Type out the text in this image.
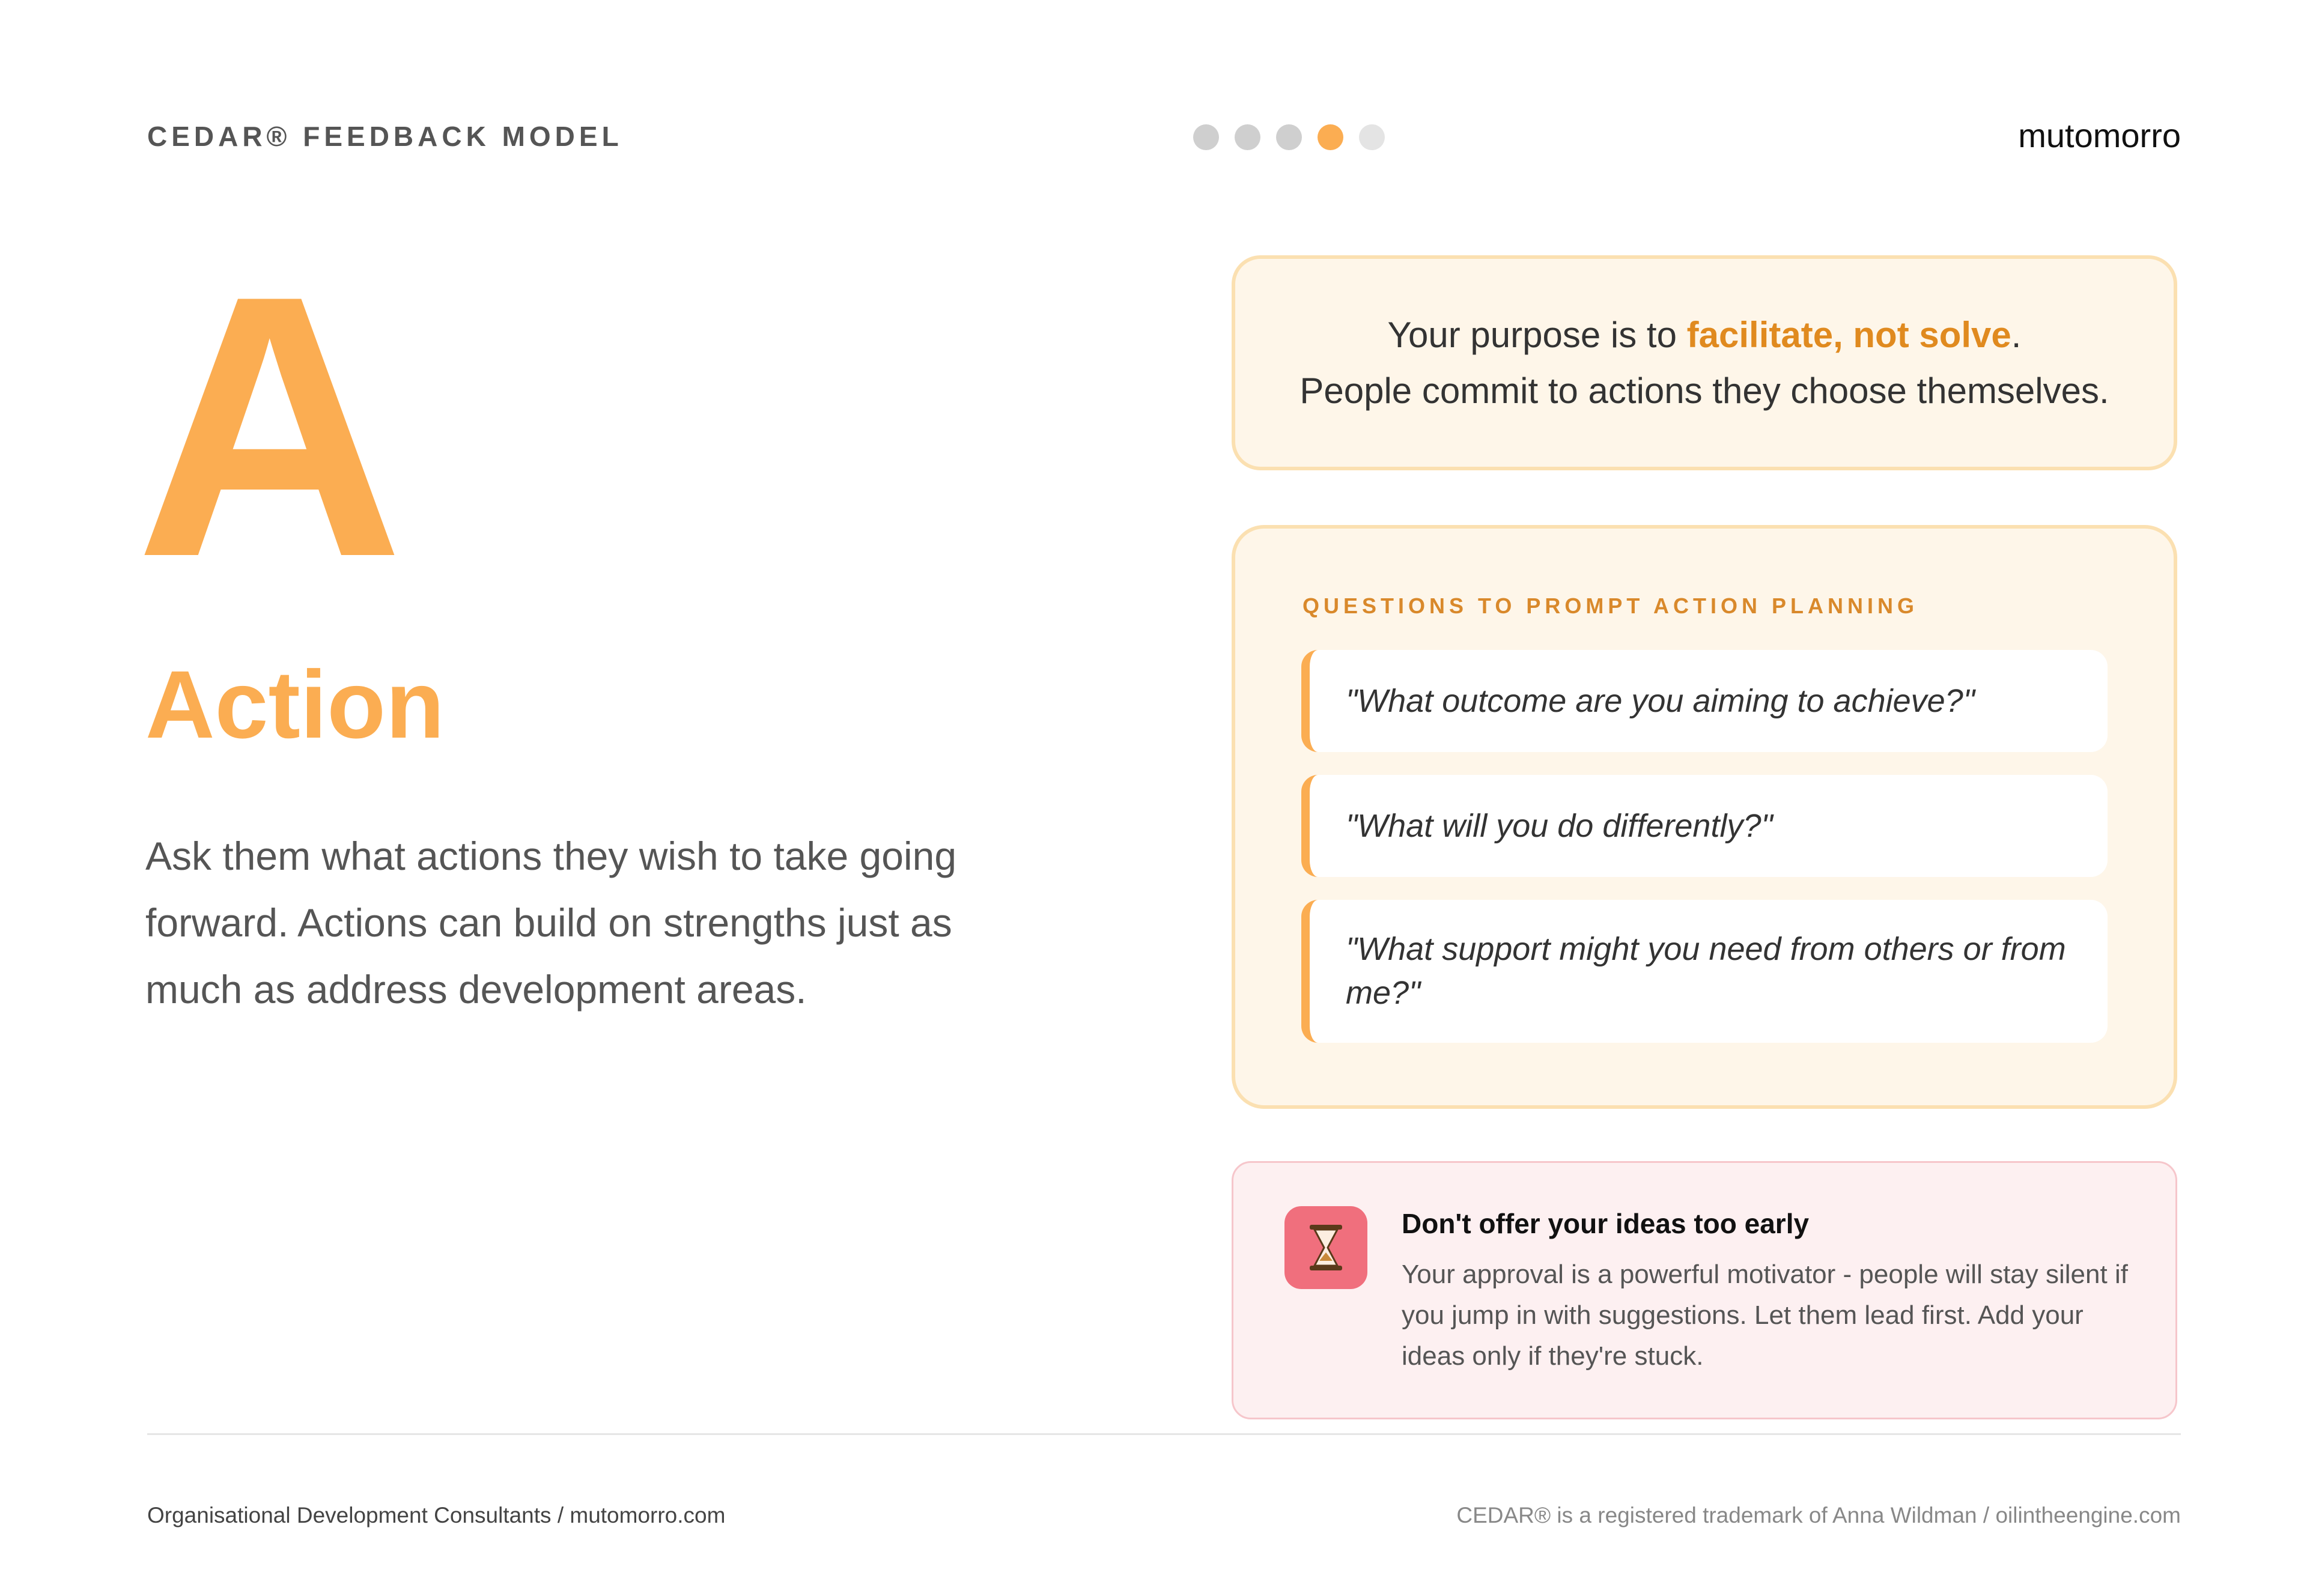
CEDAR® FEEDBACK MODEL	mutomorro
A
Action
Ask them what actions they wish to take going forward. Actions can build on strengths just as much as address development areas.
Your purpose is to facilitate, not solve.
People commit to actions they choose themselves.
QUESTIONS TO PROMPT ACTION PLANNING
"What outcome are you aiming to achieve?"
"What will you do differently?"
"What support might you need from others or from me?"
Don't offer your ideas too early
Your approval is a powerful motivator - people will stay silent if you jump in with suggestions. Let them lead first. Add your ideas only if they're stuck.
Organisational Development Consultants / mutomorro.com	CEDAR® is a registered trademark of Anna Wildman / oilintheengine.com
